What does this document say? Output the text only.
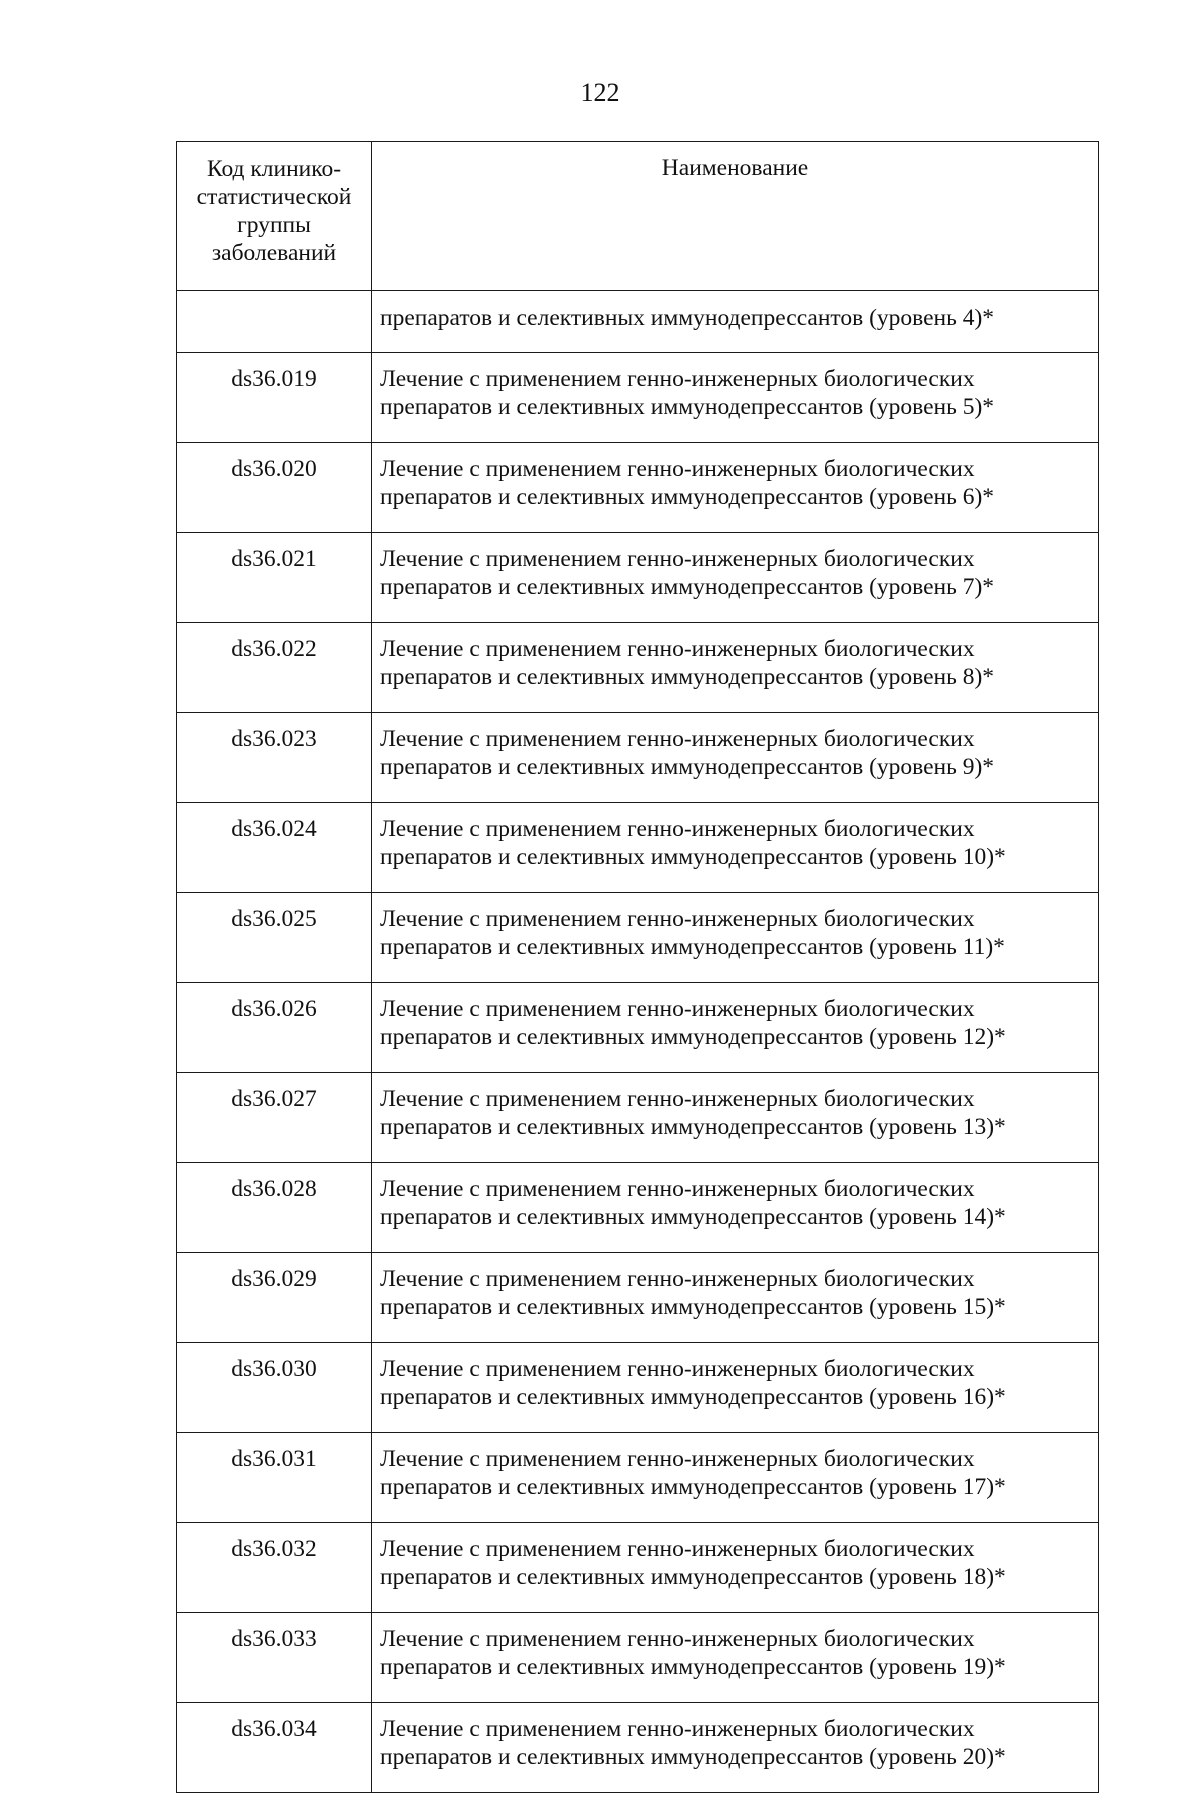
122
Код клинико-
статистической
группы
заболеваний	Наименование
	препаратов и селективных иммунодепрессантов (уровень 4)*
ds36.019	Лечение с применением генно-инженерных биологических
препаратов и селективных иммунодепрессантов (уровень 5)*

ds36.020	Лечение с применением генно-инженерных биологических
препаратов и селективных иммунодепрессантов (уровень 6)*

ds36.021	Лечение с применением генно-инженерных биологических
препаратов и селективных иммунодепрессантов (уровень 7)*

ds36.022	Лечение с применением генно-инженерных биологических
препаратов и селективных иммунодепрессантов (уровень 8)*

ds36.023	Лечение с применением генно-инженерных биологических
препаратов и селективных иммунодепрессантов (уровень 9)*

ds36.024	Лечение с применением генно-инженерных биологических
препаратов и селективных иммунодепрессантов (уровень 10)*

ds36.025	Лечение с применением генно-инженерных биологических
препаратов и селективных иммунодепрессантов (уровень 11)*

ds36.026	Лечение с применением генно-инженерных биологических
препаратов и селективных иммунодепрессантов (уровень 12)*

ds36.027	Лечение с применением генно-инженерных биологических
препаратов и селективных иммунодепрессантов (уровень 13)*

ds36.028	Лечение с применением генно-инженерных биологических
препаратов и селективных иммунодепрессантов (уровень 14)*

ds36.029	Лечение с применением генно-инженерных биологических
препаратов и селективных иммунодепрессантов (уровень 15)*

ds36.030	Лечение с применением генно-инженерных биологических
препаратов и селективных иммунодепрессантов (уровень 16)*

ds36.031	Лечение с применением генно-инженерных биологических
препаратов и селективных иммунодепрессантов (уровень 17)*

ds36.032	Лечение с применением генно-инженерных биологических
препаратов и селективных иммунодепрессантов (уровень 18)*

ds36.033	Лечение с применением генно-инженерных биологических
препаратов и селективных иммунодепрессантов (уровень 19)*

ds36.034	Лечение с применением генно-инженерных биологических
препаратов и селективных иммунодепрессантов (уровень 20)*
